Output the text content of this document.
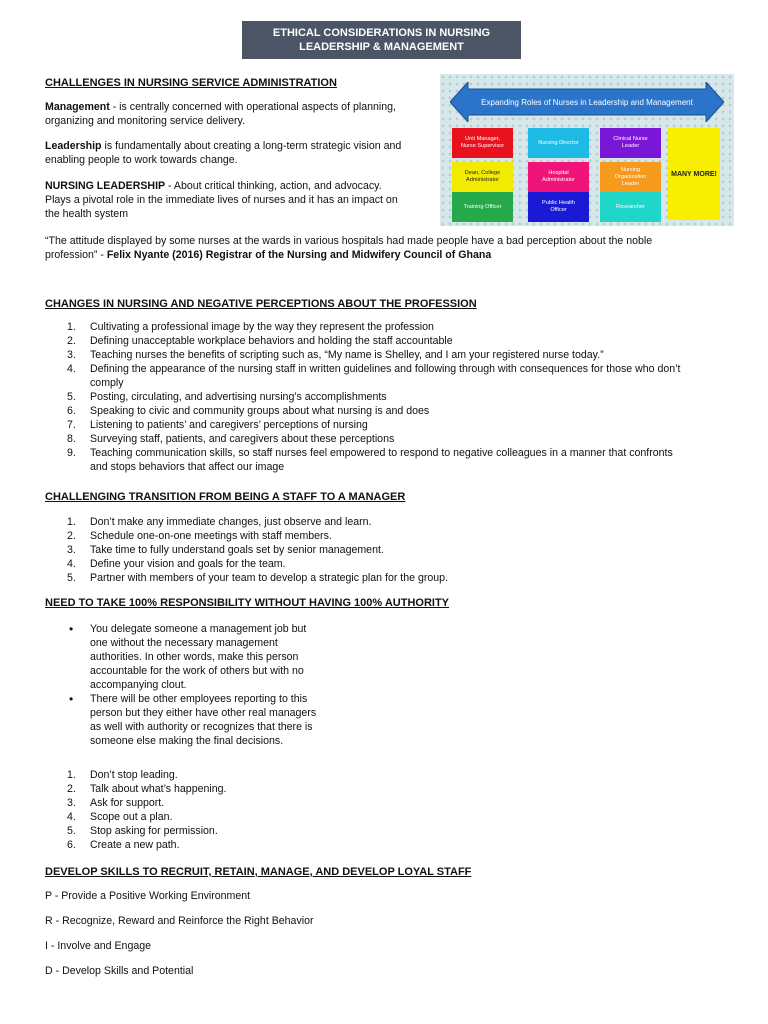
ETHICAL CONSIDERATIONS IN NURSING
LEADERSHIP & MANAGEMENT
CHALLENGES IN NURSING SERVICE ADMINISTRATION
Management - is centrally concerned with operational aspects of planning,
organizing and monitoring service delivery.
Leadership is fundamentally about creating a long-term strategic vision and
enabling people to work towards change.
NURSING LEADERSHIP - About critical thinking, action, and advocacy.
Plays a pivotal role in the immediate lives of nurses and it has an impact on
the health system
“The attitude displayed by some nurses at the wards in various hospitals had made people have a bad perception about the noble
profession” - Felix Nyante (2016) Registrar of the Nursing and Midwifery Council of Ghana
Expanding Roles of Nurses in Leadership and Management
Unit Manager,
Nurse Supervisor
Nursing Director
Clinical Nurse
Leader
Dean, College
Administrator
Hospital
Administrator
Nursing
Organization
Leader
Training Officer
Public Health
Officer
Researcher
MANY MORE!
CHANGES IN NURSING AND NEGATIVE PERCEPTIONS ABOUT THE PROFESSION
1. Cultivating a professional image by the way they represent the profession
2. Defining unacceptable workplace behaviors and holding the staff accountable
3. Teaching nurses the benefits of scripting such as, “My name is Shelley, and I am your registered nurse today.”
4. Defining the appearance of the nursing staff in written guidelines and following through with consequences for those who don’t
comply
5. Posting, circulating, and advertising nursing’s accomplishments
6. Speaking to civic and community groups about what nursing is and does
7. Listening to patients’ and caregivers’ perceptions of nursing
8. Surveying staff, patients, and caregivers about these perceptions
9. Teaching communication skills, so staff nurses feel empowered to respond to negative colleagues in a manner that confronts
and stops behaviors that affect our image
CHALLENGING TRANSITION FROM BEING A STAFF TO A MANAGER
1. Don’t make any immediate changes, just observe and learn.
2. Schedule one-on-one meetings with staff members.
3. Take time to fully understand goals set by senior management.
4. Define your vision and goals for the team.
5. Partner with members of your team to develop a strategic plan for the group.
NEED TO TAKE 100% RESPONSIBILITY WITHOUT HAVING 100% AUTHORITY
• You delegate someone a management job but
one without the necessary management
authorities. In other words, make this person
accountable for the work of others but with no
accompanying clout.
• There will be other employees reporting to this
person but they either have other real managers
as well with authority or recognizes that there is
someone else making the final decisions.
1. Don’t stop leading.
2. Talk about what’s happening.
3. Ask for support.
4. Scope out a plan.
5. Stop asking for permission.
6. Create a new path.
DEVELOP SKILLS TO RECRUIT, RETAIN, MANAGE, AND DEVELOP LOYAL STAFF
P - Provide a Positive Working Environment
R - Recognize, Reward and Reinforce the Right Behavior
I - Involve and Engage
D - Develop Skills and Potential
